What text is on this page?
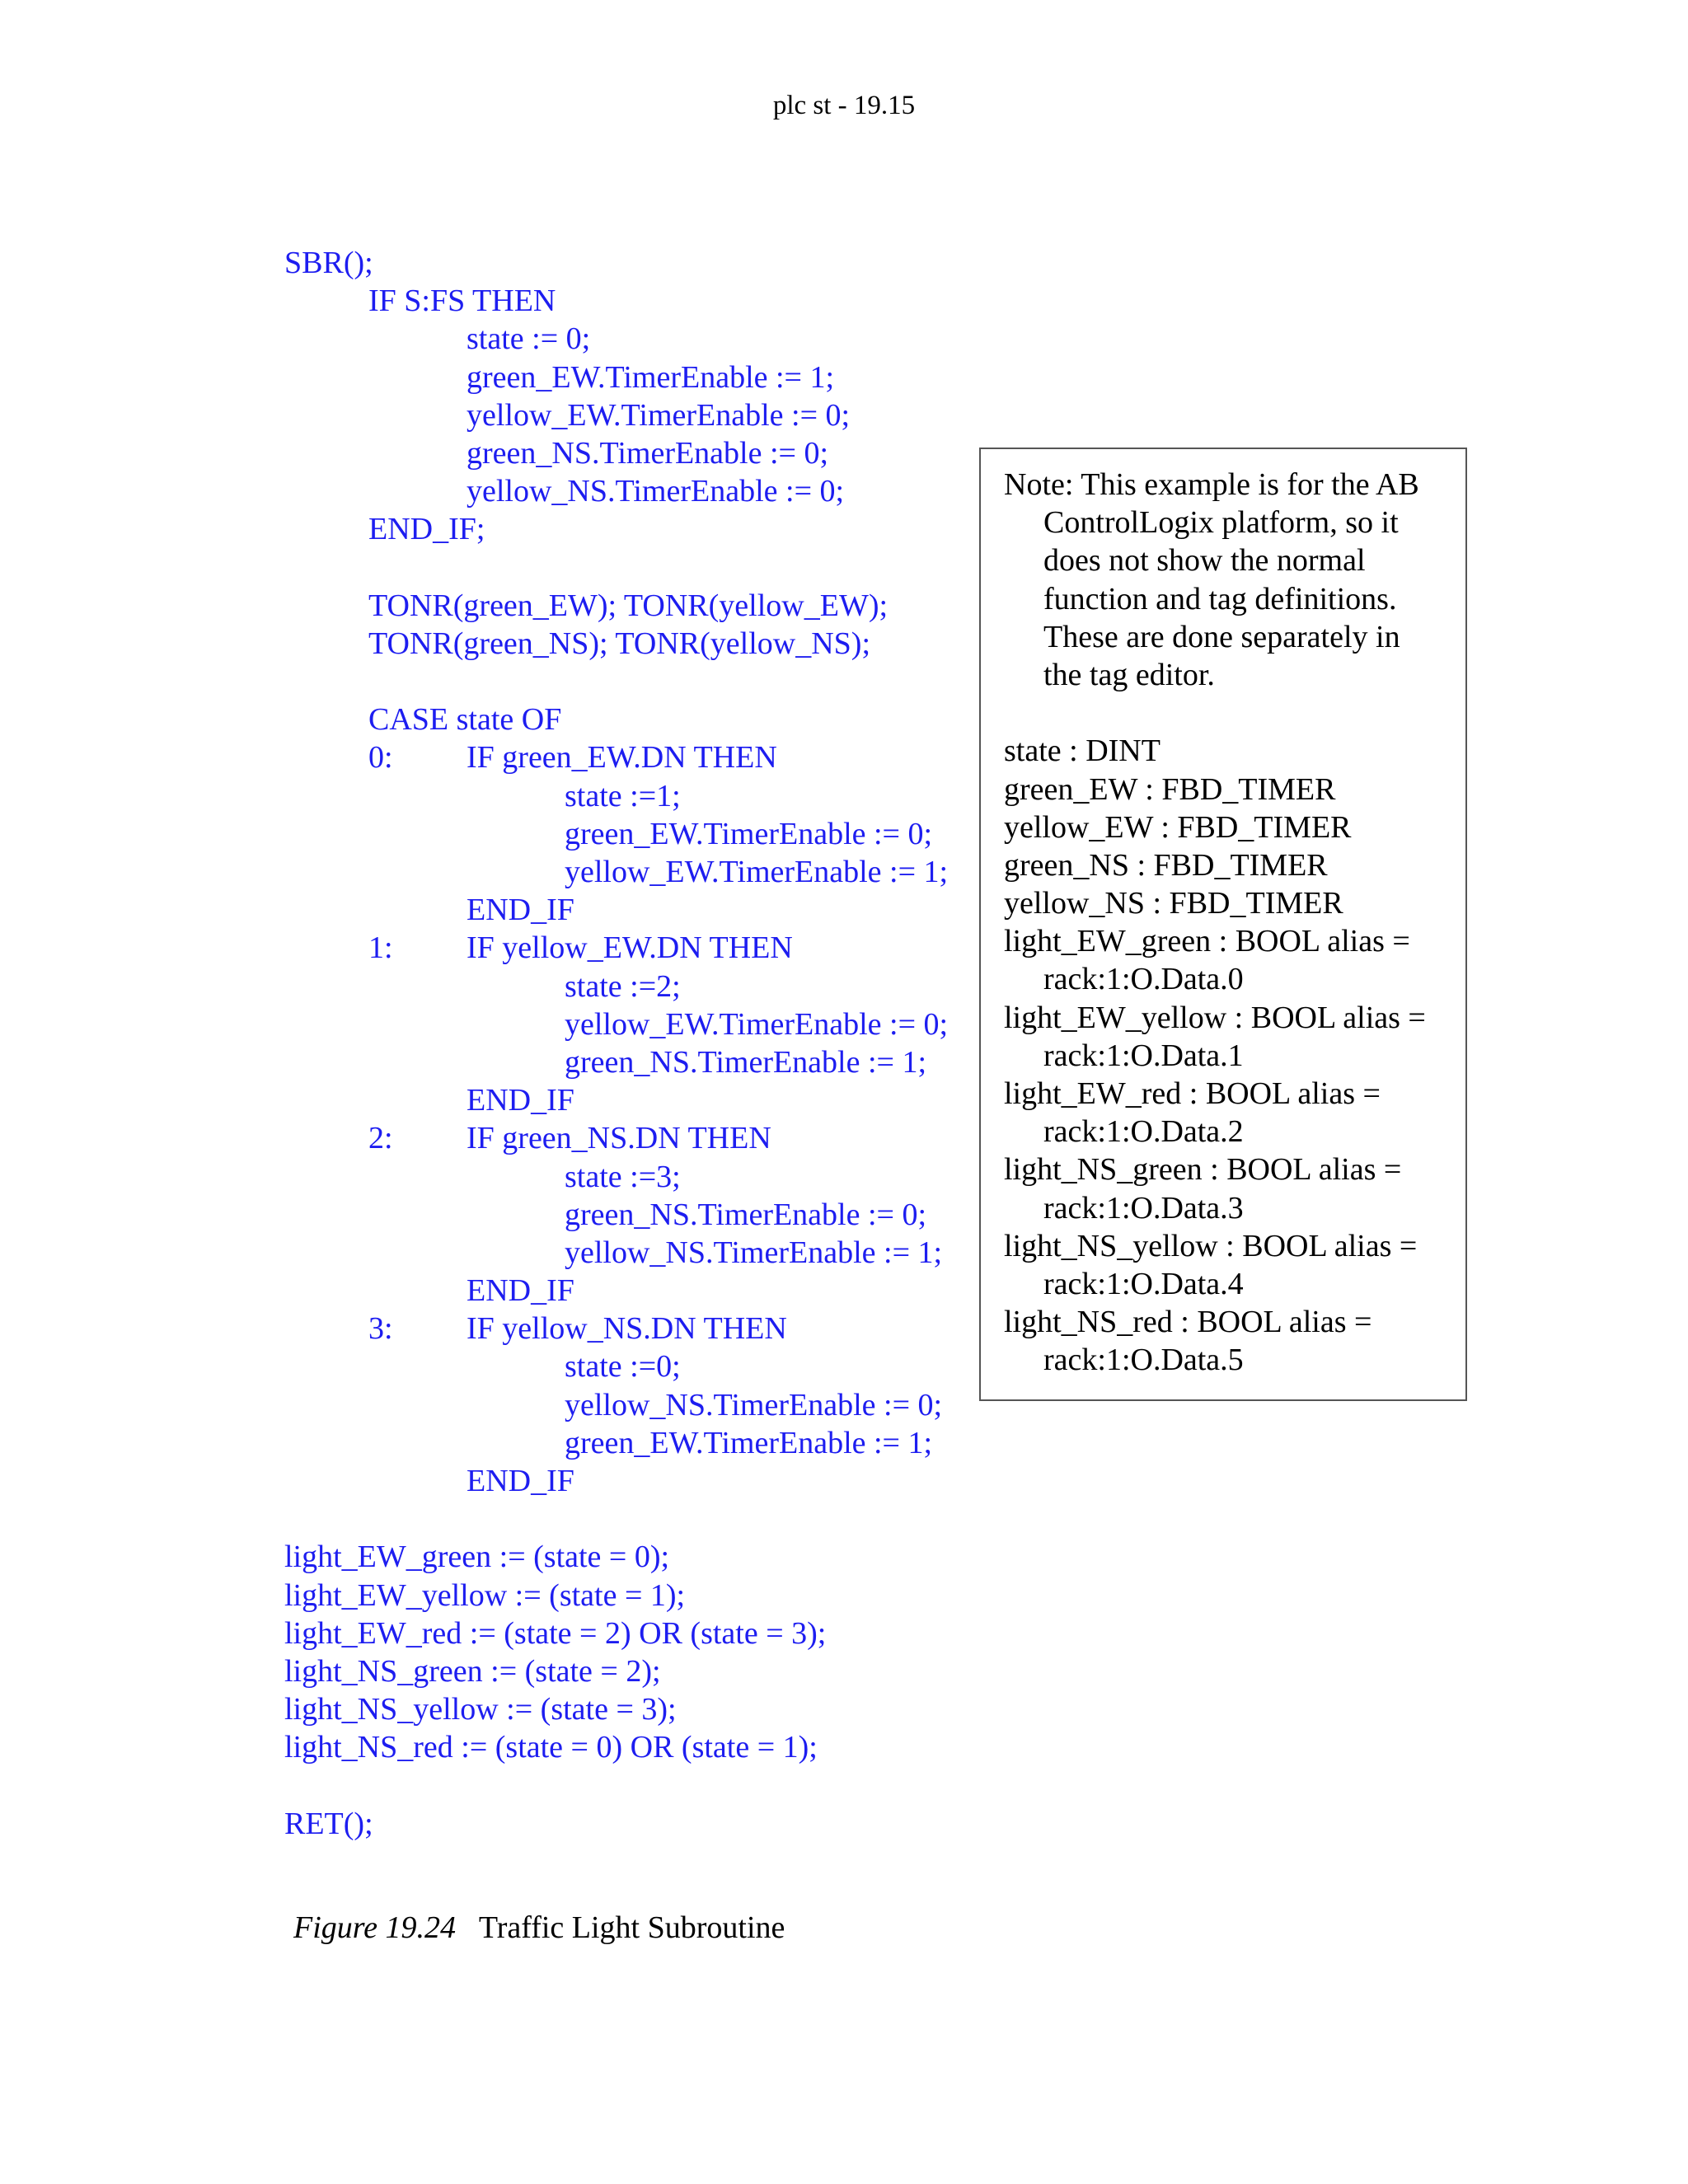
plc st - 19.15
SBR();
IF S:FS THEN
state := 0;
green_EW.TimerEnable := 1;
yellow_EW.TimerEnable := 0;
green_NS.TimerEnable := 0;
yellow_NS.TimerEnable := 0;
END_IF;
TONR(green_EW); TONR(yellow_EW);
TONR(green_NS); TONR(yellow_NS);
CASE state OF
0: IF green_EW.DN THEN
state :=1;
green_EW.TimerEnable := 0;
yellow_EW.TimerEnable := 1;
END_IF
1: IF yellow_EW.DN THEN
state :=2;
yellow_EW.TimerEnable := 0;
green_NS.TimerEnable := 1;
END_IF
2: IF green_NS.DN THEN
state :=3;
green_NS.TimerEnable := 0;
yellow_NS.TimerEnable := 1;
END_IF
3: IF yellow_NS.DN THEN
state :=0;
yellow_NS.TimerEnable := 0;
green_EW.TimerEnable := 1;
END_IF
light_EW_green := (state = 0);
light_EW_yellow := (state = 1);
light_EW_red := (state = 2) OR (state = 3);
light_NS_green := (state = 2);
light_NS_yellow := (state = 3);
light_NS_red := (state = 0) OR (state = 1);
RET();
Note: This example is for the AB
ControlLogix platform, so it
does not show the normal
function and tag definitions.
These are done separately in
the tag editor.
state : DINT
green_EW : FBD_TIMER
yellow_EW : FBD_TIMER
green_NS : FBD_TIMER
yellow_NS : FBD_TIMER
light_EW_green : BOOL alias =
rack:1:O.Data.0
light_EW_yellow : BOOL alias =
rack:1:O.Data.1
light_EW_red : BOOL alias =
rack:1:O.Data.2
light_NS_green : BOOL alias =
rack:1:O.Data.3
light_NS_yellow : BOOL alias =
rack:1:O.Data.4
light_NS_red : BOOL alias =
rack:1:O.Data.5
Figure 19.24 Traffic Light Subroutine
